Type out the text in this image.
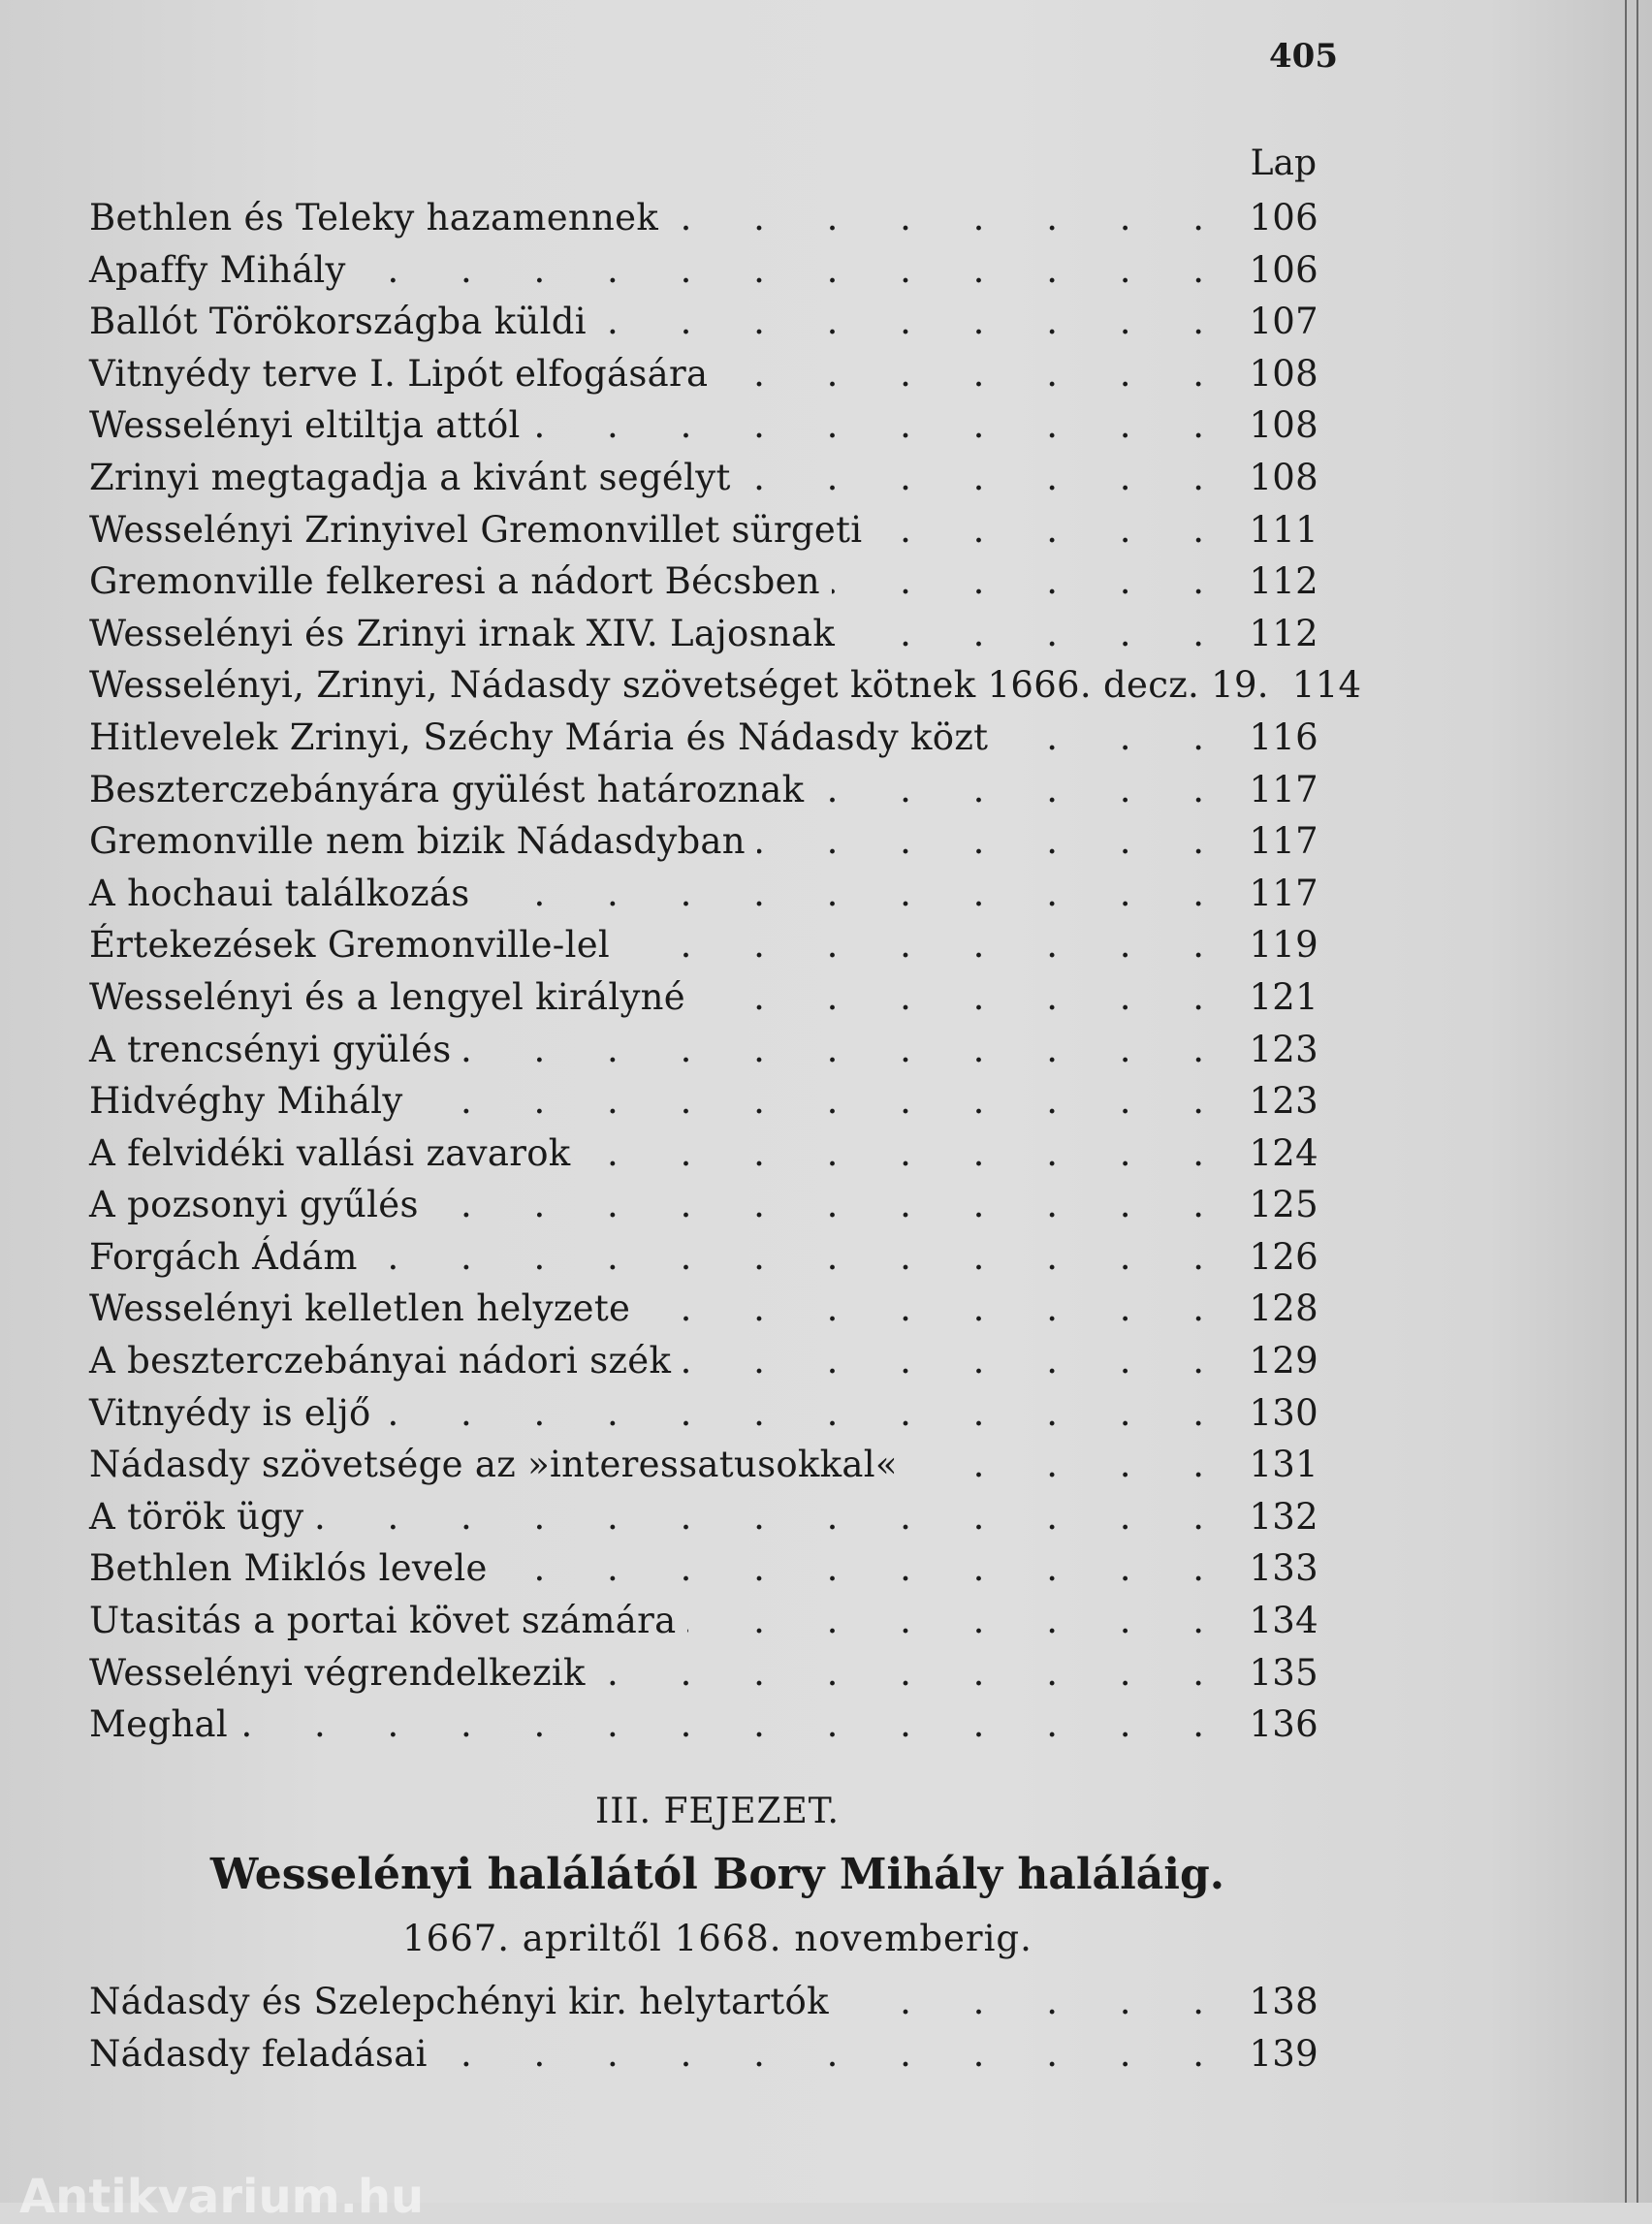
405
Lap
Bethlen és Teleky hazamennek . . .	106
Apaffy Mihály . . .	106
Ballót Törökországba küldi . . .	107
Vitnyédy terve I. Lipót elfogására . . .	108
Wesselényi eltiltja attól . . .	108
Zrinyi megtagadja a kivánt segélyt . . .	108
Wesselényi Zrinyivel Gremonvillet sürgeti . . .	111
Gremonville felkeresi a nádort Bécsben . . .	112
Wesselényi és Zrinyi irnak XIV. Lajosnak . . .	112
Wesselényi, Zrinyi, Nádasdy szövetséget kötnek 1666. decz. 19. 114
Hitlevelek Zrinyi, Széchy Mária és Nádasdy közt . . .	116
Beszterczebányára gyülést határoznak . . .	117
Gremonville nem bizik Nádasdyban . . .	117
A hochaui találkozás . . .	117
Értekezések Gremonville-lel . . .	119
Wesselényi és a lengyel királyné . . .	121
A trencsényi gyülés . . .	123
Hidvéghy Mihály . . .	123
A felvidéki vallási zavarok . . .	124
A pozsonyi gyűlés . . .	125
Forgách Ádám . . .	126
Wesselényi kelletlen helyzete . . .	128
A beszterczebányai nádori szék . . .	129
Vitnyédy is eljő . . .	130
Nádasdy szövetsége az »interessatusokkal« . . .	131
A török ügy . . .	132
Bethlen Miklós levele . . .	133
Utasitás a portai követ számára . . .	134
Wesselényi végrendelkezik . . .	135
Meghal . . .	136
III. FEJEZET.
Wesselényi halálától Bory Mihály haláláig.
1667. apriltől 1668. novemberig.
Nádasdy és Szelepchényi kir. helytartók . . .	138
Nádasdy feladásai . . .	139
Antikvarium.hu
